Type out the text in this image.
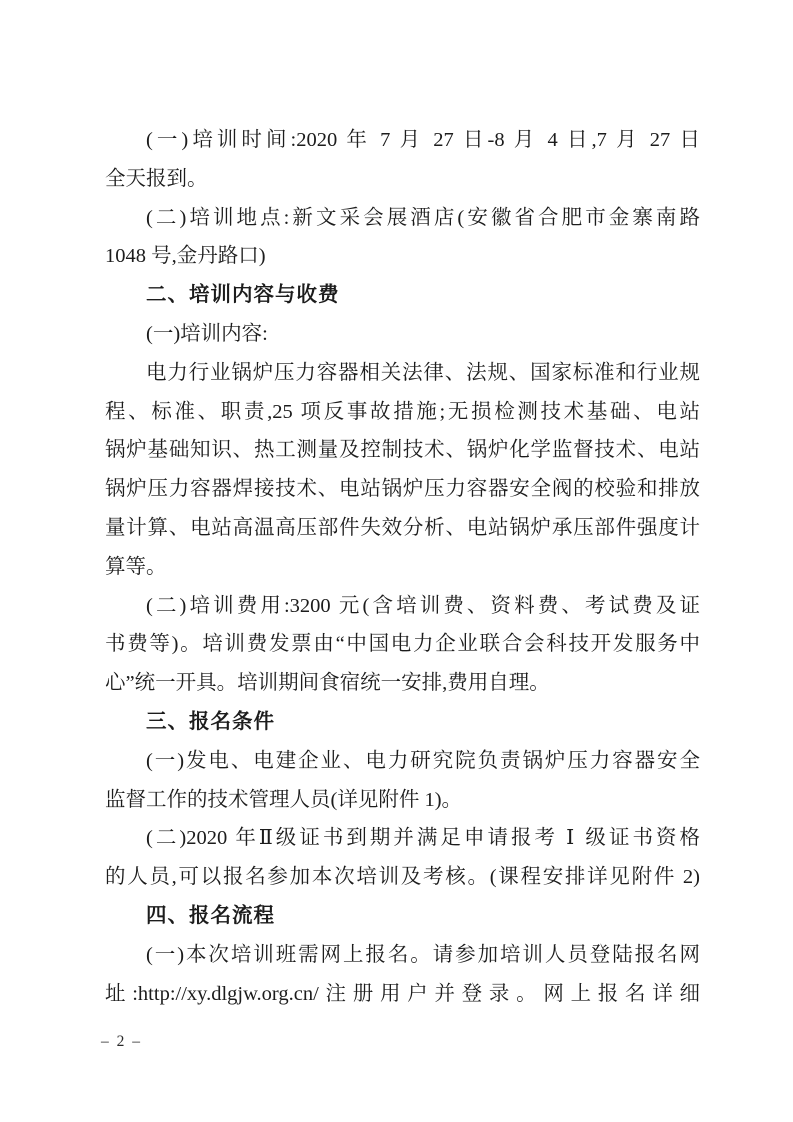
(一)培训时间:2020 年 7 月 27 日-8 月 4 日,7 月 27 日
全天报到。
(二)培训地点:新文采会展酒店(安徽省合肥市金寨南路
1048 号,金丹路口)
二、培训内容与收费
(一)培训内容:
电力行业锅炉压力容器相关法律、法规、国家标准和行业规
程、标准、职责,25 项反事故措施;无损检测技术基础、电站
锅炉基础知识、热工测量及控制技术、锅炉化学监督技术、电站
锅炉压力容器焊接技术、电站锅炉压力容器安全阀的校验和排放
量计算、电站高温高压部件失效分析、电站锅炉承压部件强度计
算等。
(二)培训费用:3200 元(含培训费、资料费、考试费及证
书费等)。培训费发票由“中国电力企业联合会科技开发服务中
心”统一开具。培训期间食宿统一安排,费用自理。
三、报名条件
(一)发电、电建企业、电力研究院负责锅炉压力容器安全
监督工作的技术管理人员(详见附件 1)。
(二)2020 年Ⅱ级证书到期并满足申请报考 Ⅰ 级证书资格
的人员,可以报名参加本次培训及考核。(课程安排详见附件 2)
四、报名流程
(一)本次培训班需网上报名。请参加培训人员登陆报名网
址:http://xy.dlgjw.org.cn/注册用户并登录。网上报名详细
– 2 –
